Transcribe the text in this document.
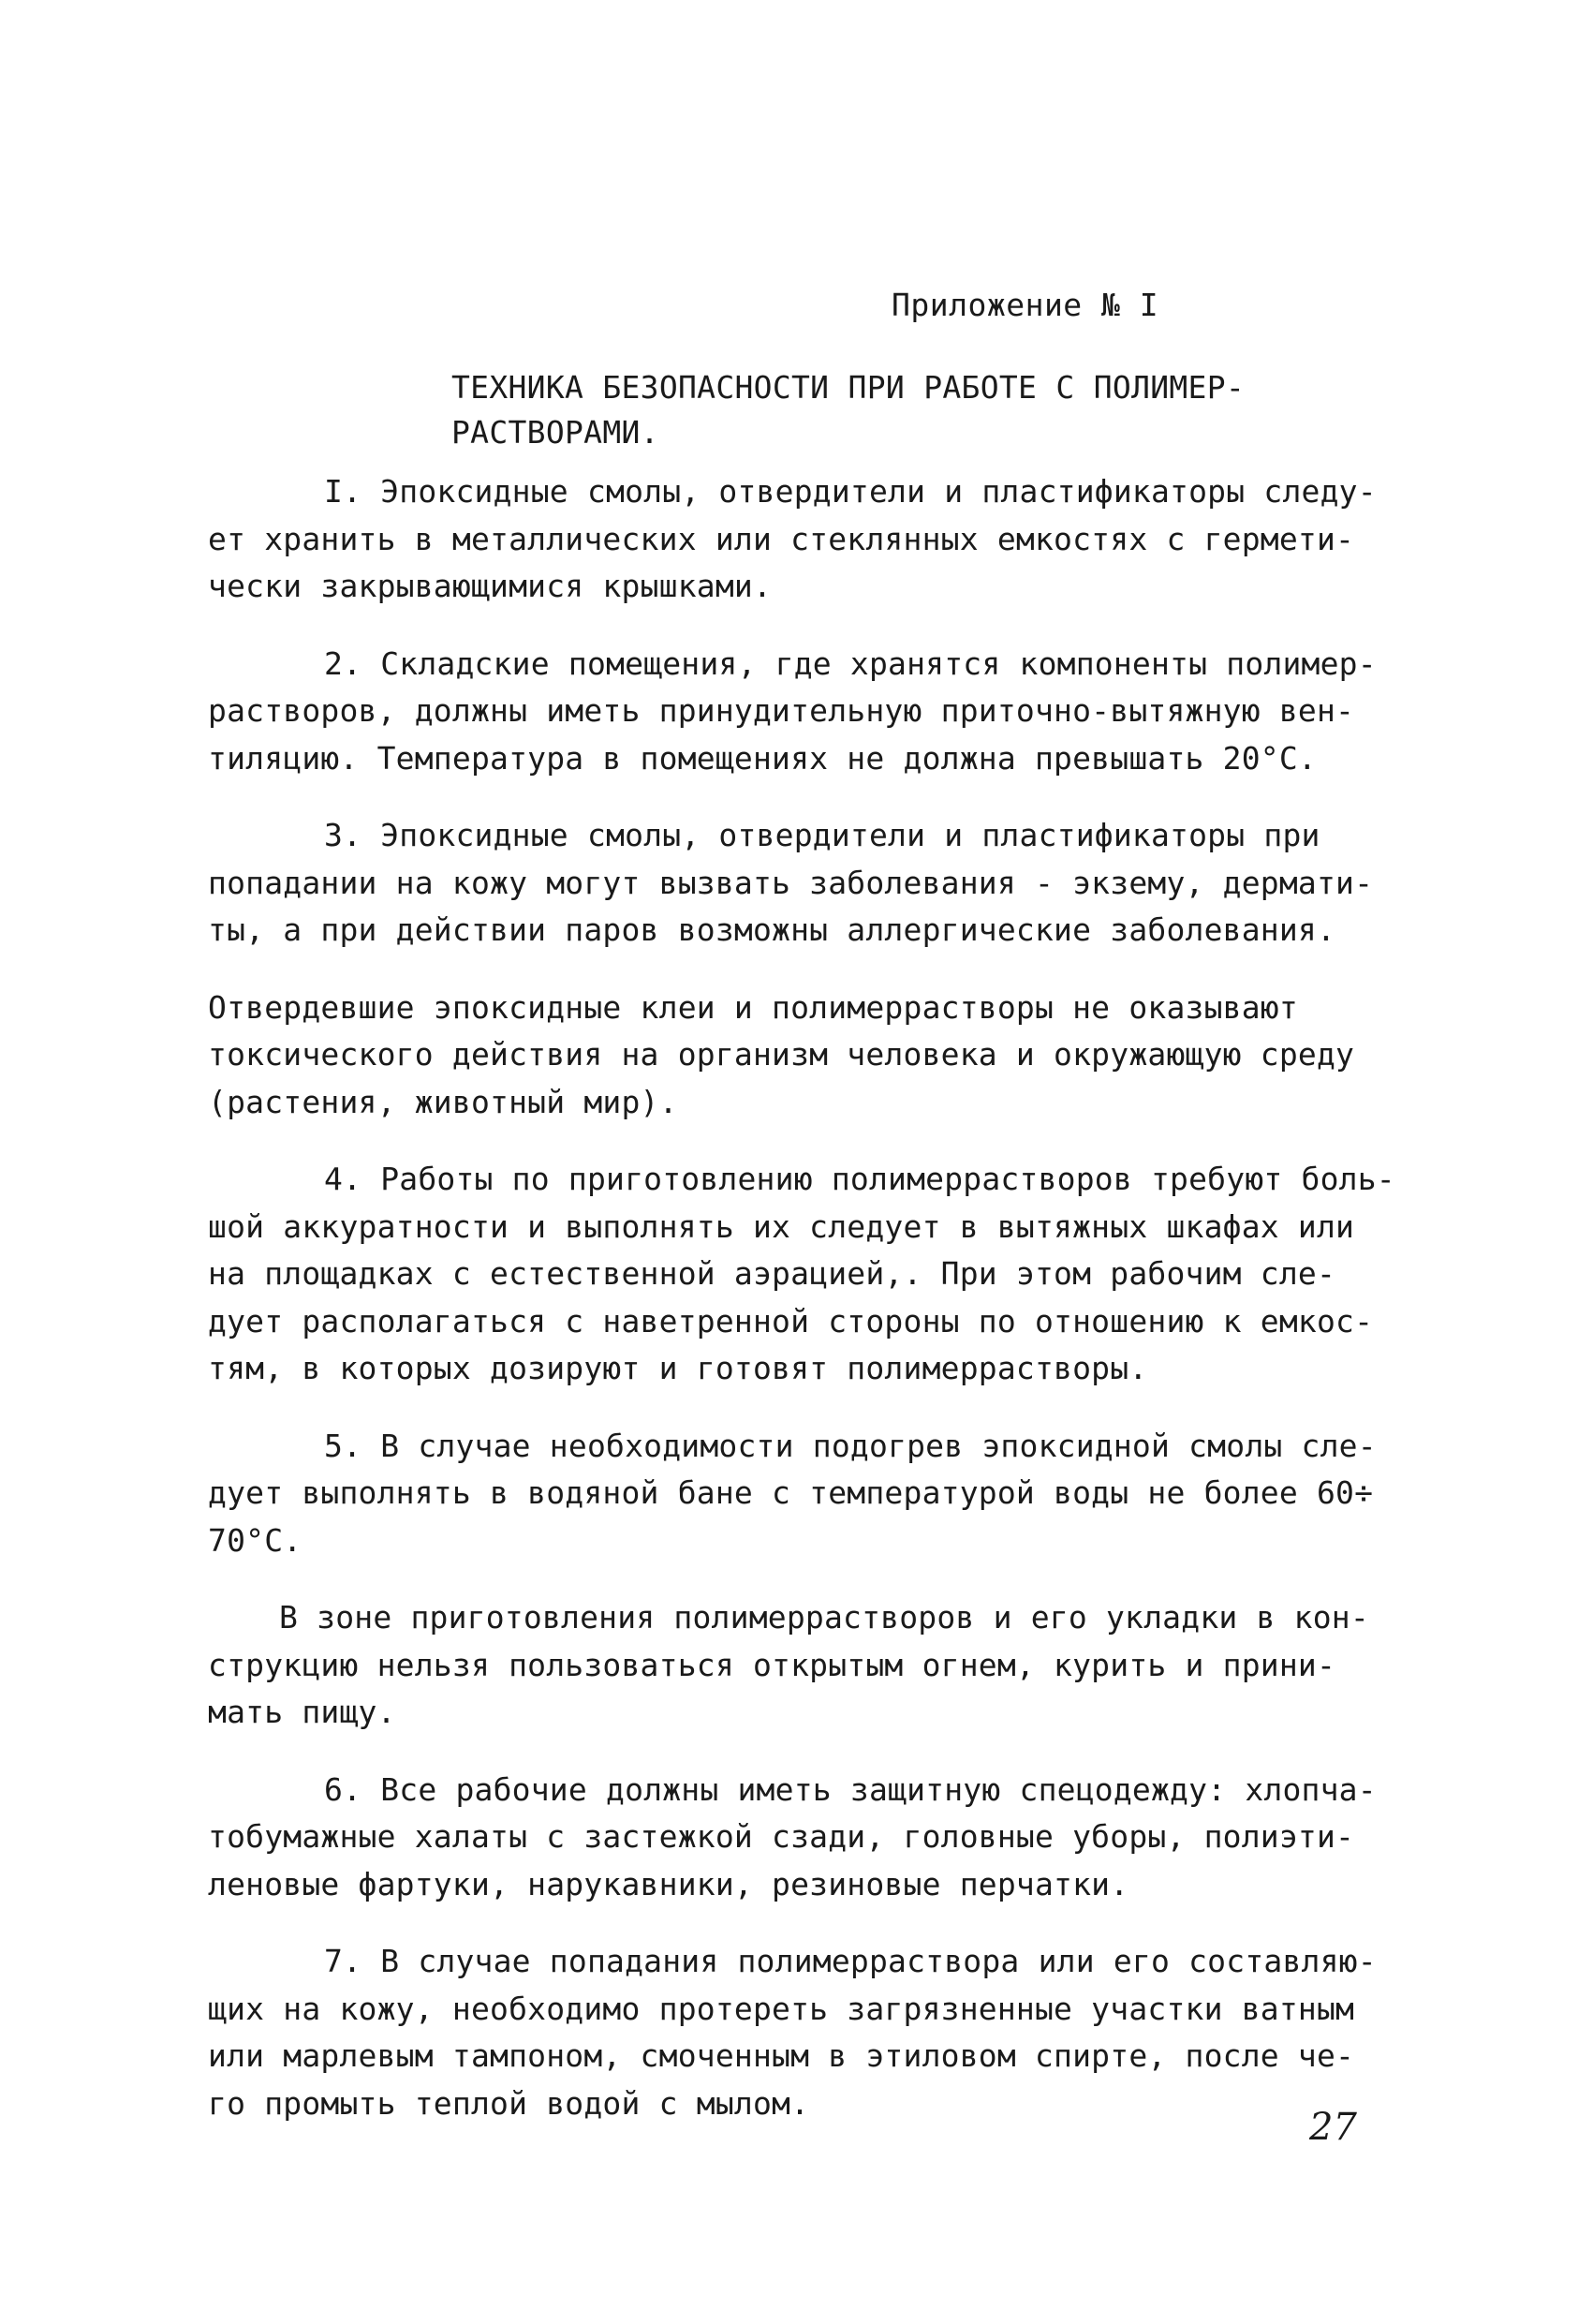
Приложение № I
ТЕХНИКА БЕЗОПАСНОСТИ ПРИ РАБОТЕ С ПОЛИМЕР-
РАСТВОРАМИ.
I. Эпоксидные смолы, отвердители и пластификаторы следу-
ет хранить в металлических или стеклянных емкостях с гермети-
чески закрывающимися крышками.
2. Складские помещения, где хранятся компоненты полимер-
растворов, должны иметь принудительную приточно-вытяжную вен-
тиляцию. Температура в помещениях не должна превышать 20°С.
3. Эпоксидные смолы, отвердители и пластификаторы при
попадании на кожу могут вызвать заболевания - экзему, дермати-
ты, а при действии паров возможны аллергические заболевания.
Отвердевшие эпоксидные клеи и полимеррастворы не оказывают
токсического действия на организм человека и окружающую среду
(растения, животный мир).
4. Работы по приготовлению полимеррастворов требуют боль-
шой аккуратности и выполнять их следует в вытяжных шкафах или
на площадках с естественной аэрацией,. При этом рабочим сле-
дует располагаться с наветренной стороны по отношению к емкос-
тям, в которых дозируют и готовят полимеррастворы.
5. В случае необходимости подогрев эпоксидной смолы сле-
дует выполнять в водяной бане с температурой воды не более 60÷
70°С.
В зоне приготовления полимеррастворов и его укладки в кон-
струкцию нельзя пользоваться открытым огнем, курить и прини-
мать пищу.
6. Все рабочие должны иметь защитную спецодежду: хлопча-
тобумажные халаты с застежкой сзади, головные уборы, полиэти-
леновые фартуки, нарукавники, резиновые перчатки.
7. В случае попадания полимерраствора или его составляю-
щих на кожу, необходимо протереть загрязненные участки ватным
или марлевым тампоном, смоченным в этиловом спирте, после че-
го промыть теплой водой с мылом.
27
